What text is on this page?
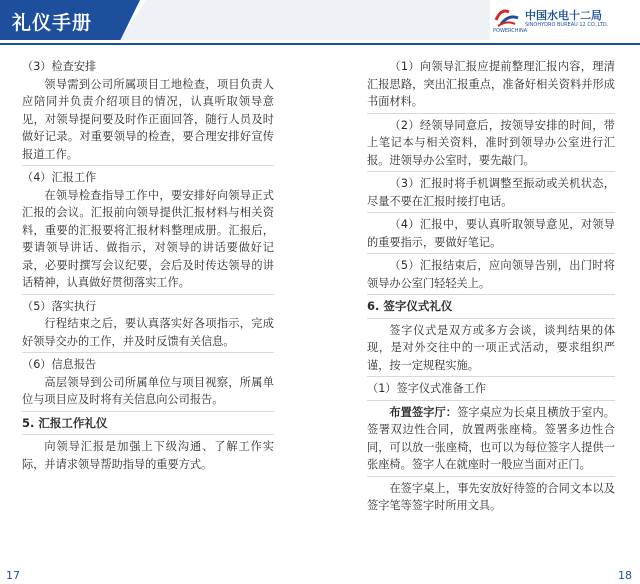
礼仪手册	中国水电十二局
SINOHYDRO BUREAU 12 CO.,LTD.
POWERCHINA

（3）检查安排

领导需到公司所属项目工地检查，项目负责人应陪同并负责介绍项目的情况，认真听取领导意见，对领导提问要及时作正面回答，随行人员及时做好记录。对重要领导的检查，要合理安排好宣传报道工作。

（4）汇报工作

在领导检查指导工作中，要安排好向领导正式汇报的会议。汇报前向领导提供汇报材料与相关资料，重要的汇报要将汇报材料整理成册。汇报后，要请领导讲话、做指示，对领导的讲话要做好记录，必要时撰写会议纪要，会后及时传达领导的讲话精神，认真做好贯彻落实工作。

（5）落实执行

行程结束之后，要认真落实好各项指示，完成好领导交办的工作，并及时反馈有关信息。

（6）信息报告

高层领导到公司所属单位与项目视察，所属单位与项目应及时将有关信息向公司报告。

5. 汇报工作礼仪

向领导汇报是加强上下级沟通、了解工作实际，并请求领导帮助指导的重要方式。

（1）向领导汇报应提前整理汇报内容，理清汇报思路，突出汇报重点，准备好相关资料并形成书面材料。

（2）经领导同意后，按领导安排的时间，带上笔记本与相关资料，准时到领导办公室进行汇报。进领导办公室时，要先敲门。

（3）汇报时将手机调整至振动或关机状态，尽量不要在汇报时接打电话。

（4）汇报中，要认真听取领导意见，对领导的重要指示，要做好笔记。

（5）汇报结束后，应向领导告别，出门时将领导办公室门轻轻关上。

6. 签字仪式礼仪

签字仪式是双方或多方会谈，谈判结果的体现，是对外交往中的一项正式活动，要求组织严谨，按一定规程实施。

（1）签字仪式准备工作

布置签字厅：签字桌应为长桌且横放于室内。签署双边性合同，放置两张座椅。签署多边性合同，可以放一张座椅，也可以为每位签字人提供一张座椅。签字人在就座时一般应当面对正门。

在签字桌上，事先安放好待签的合同文本以及签字笔等签字时所用文具。

17	18
